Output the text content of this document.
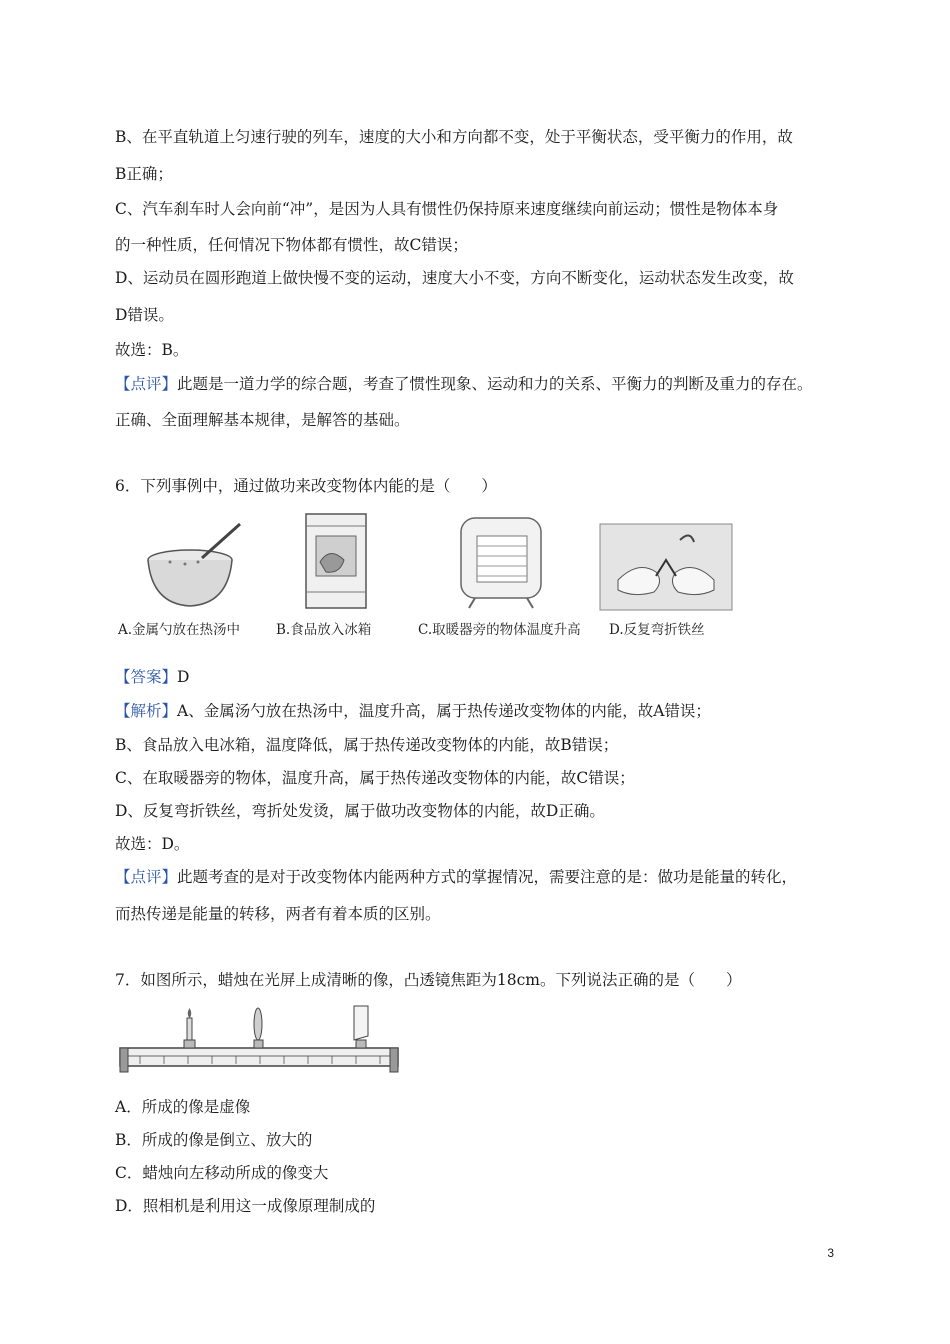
B、在平直轨道上匀速行驶的列车，速度的大小和方向都不变，处于平衡状态，受平衡力的作用，故
B正确；
C、汽车刹车时人会向前“冲”，是因为人具有惯性仍保持原来速度继续向前运动；惯性是物体本身
的一种性质，任何情况下物体都有惯性，故C错误；
D、运动员在圆形跑道上做快慢不变的运动，速度大小不变，方向不断变化，运动状态发生改变，故
D错误。
故选：B。
【点评】此题是一道力学的综合题，考查了惯性现象、运动和力的关系、平衡力的判断及重力的存在。
正确、全面理解基本规律，是解答的基础。
6．下列事例中，通过做功来改变物体内能的是（　　）
A.金属勺放在热汤中	B.食品放入冰箱	C.取暖器旁的物体温度升高 D.反复弯折铁丝
【答案】D
【解析】A、金属汤勺放在热汤中，温度升高，属于热传递改变物体的内能，故A错误；
B、食品放入电冰箱，温度降低，属于热传递改变物体的内能，故B错误；
C、在取暖器旁的物体，温度升高，属于热传递改变物体的内能，故C错误；
D、反复弯折铁丝，弯折处发烫，属于做功改变物体的内能，故D正确。
故选：D。
【点评】此题考查的是对于改变物体内能两种方式的掌握情况，需要注意的是：做功是能量的转化，
而热传递是能量的转移，两者有着本质的区别。
7．如图所示，蜡烛在光屏上成清晰的像，凸透镜焦距为18cm。下列说法正确的是（　　）
A．所成的像是虚像
B．所成的像是倒立、放大的
C．蜡烛向左移动所成的像变大
D．照相机是利用这一成像原理制成的
3
